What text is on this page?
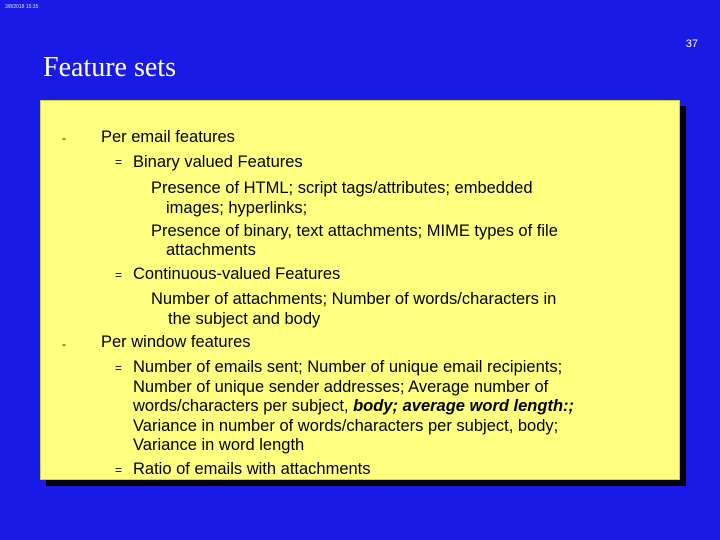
3/8/2018 15:35
37
Feature sets
- Per email features
= Binary valued Features
Presence of HTML; script tags/attributes; embedded
images; hyperlinks;
Presence of binary, text attachments; MIME types of file
attachments
= Continuous-valued Features
Number of attachments; Number of words/characters in
the subject and body
- Per window features
= Number of emails sent; Number of unique email recipients;
Number of unique sender addresses; Average number of
words/characters per subject, body; average word length:;
Variance in number of words/characters per subject, body;
Variance in word length
= Ratio of emails with attachments
